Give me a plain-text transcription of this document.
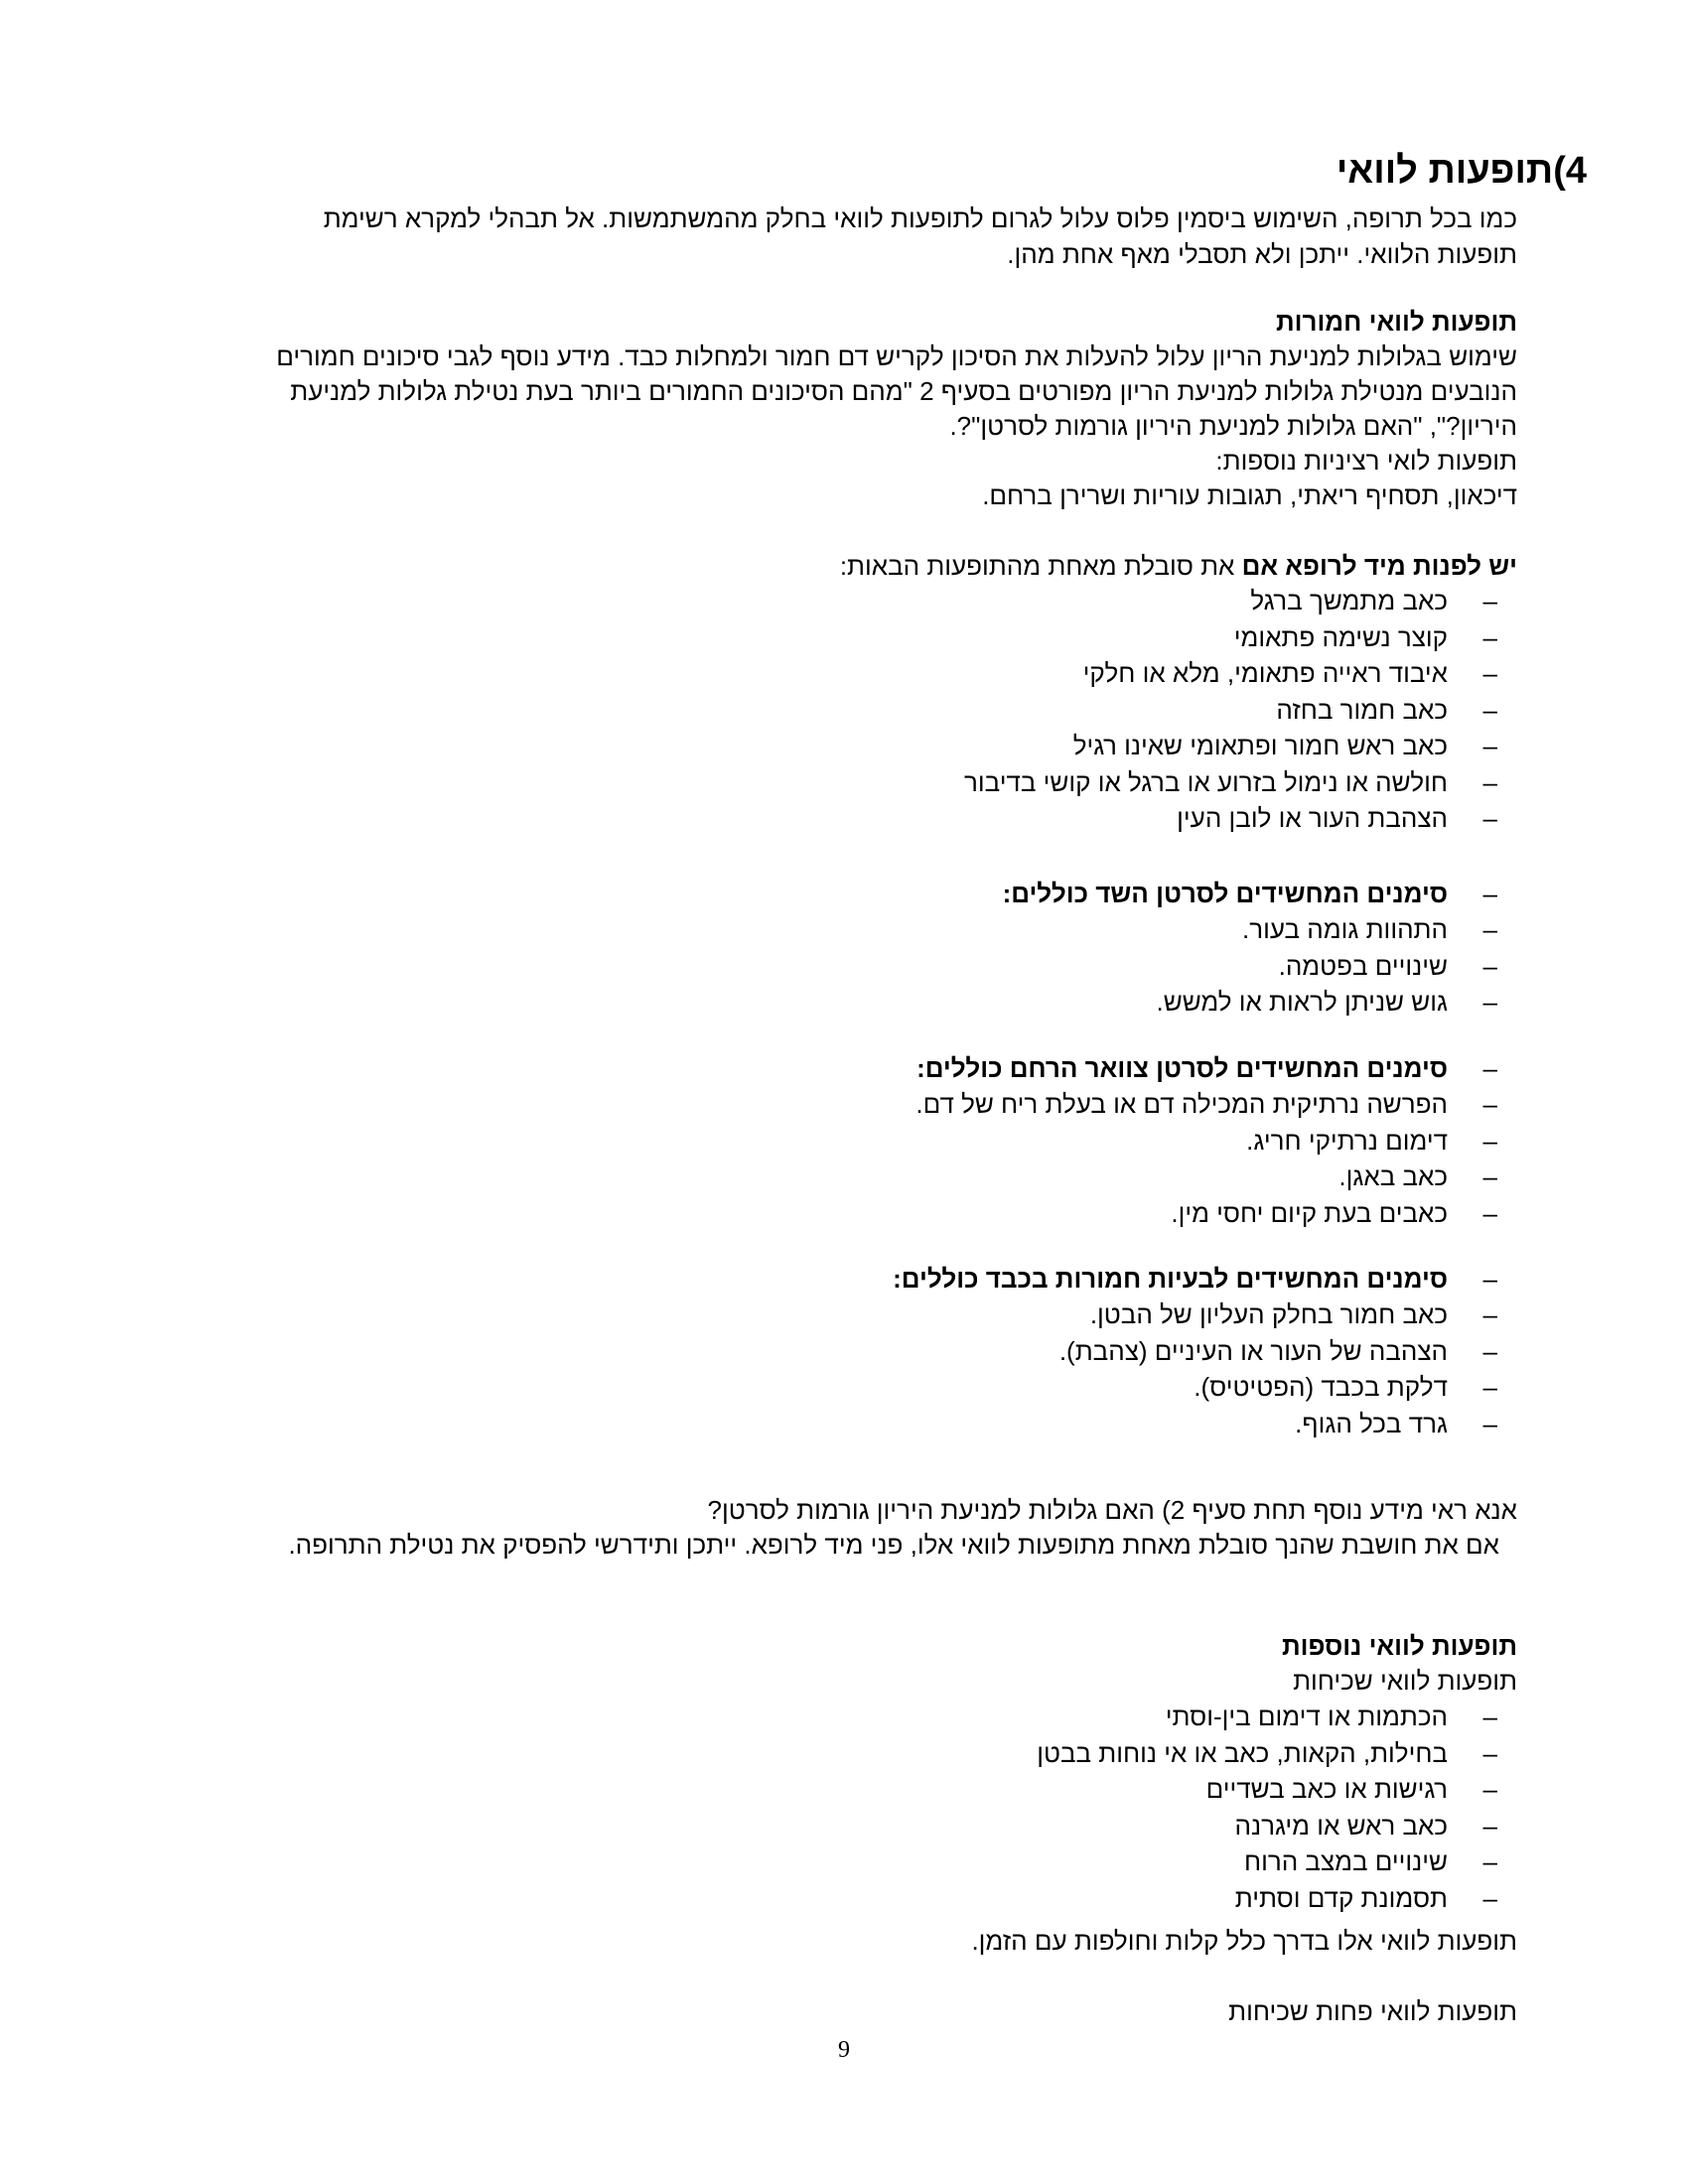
4)תופעות לוואי
כמו בכל תרופה, השימוש ביסמין פלוס עלול לגרום לתופעות לוואי בחלק מהמשתמשות. אל תבהלי למקרא רשימת
תופעות הלוואי. ייתכן ולא תסבלי מאף אחת מהן.
תופעות לוואי חמורות
שימוש בגלולות למניעת הריון עלול להעלות את הסיכון לקריש דם חמור ולמחלות כבד. מידע נוסף לגבי סיכונים חמורים
הנובעים מנטילת גלולות למניעת הריון מפורטים בסעיף 2 "מהם הסיכונים החמורים ביותר בעת נטילת גלולות למניעת
היריון?", "האם גלולות למניעת היריון גורמות לסרטן"?.
תופעות לואי רציניות נוספות:
דיכאון, תסחיף ריאתי, תגובות עוריות ושרירן ברחם.
יש לפנות מיד לרופא אם את סובלת מאחת מהתופעות הבאות:
–כאב מתמשך ברגל
–קוצר נשימה פתאומי
–איבוד ראייה פתאומי, מלא או חלקי
–כאב חמור בחזה
–כאב ראש חמור ופתאומי שאינו רגיל
–חולשה או נימול בזרוע או ברגל או קושי בדיבור
–הצהבת העור או לובן העין
–סימנים המחשידים לסרטן השד כוללים:
–התהוות גומה בעור.
–שינויים בפטמה.
–גוש שניתן לראות או למשש.
–סימנים המחשידים לסרטן צוואר הרחם כוללים:
–הפרשה נרתיקית המכילה דם או בעלת ריח של דם.
–דימום נרתיקי חריג.
–כאב באגן.
–כאבים בעת קיום יחסי מין.
–סימנים המחשידים לבעיות חמורות בכבד כוללים:
–כאב חמור בחלק העליון של הבטן.
–הצהבה של העור או העיניים (צהבת).
–דלקת בכבד (הפטיטיס).
–גרד בכל הגוף.
אנא ראי מידע נוסף תחת סעיף 2) האם גלולות למניעת היריון גורמות לסרטן?
אם את חושבת שהנך סובלת מאחת מתופעות לוואי אלו, פני מיד לרופא. ייתכן ותידרשי להפסיק את נטילת התרופה.
תופעות לוואי נוספות
תופעות לוואי שכיחות
–הכתמות או דימום בין-וסתי
–בחילות, הקאות, כאב או אי נוחות בבטן
–רגישות או כאב בשדיים
–כאב ראש או מיגרנה
–שינויים במצב הרוח
–תסמונת קדם וסתית
תופעות לוואי אלו בדרך כלל קלות וחולפות עם הזמן.
תופעות לוואי פחות שכיחות
9
